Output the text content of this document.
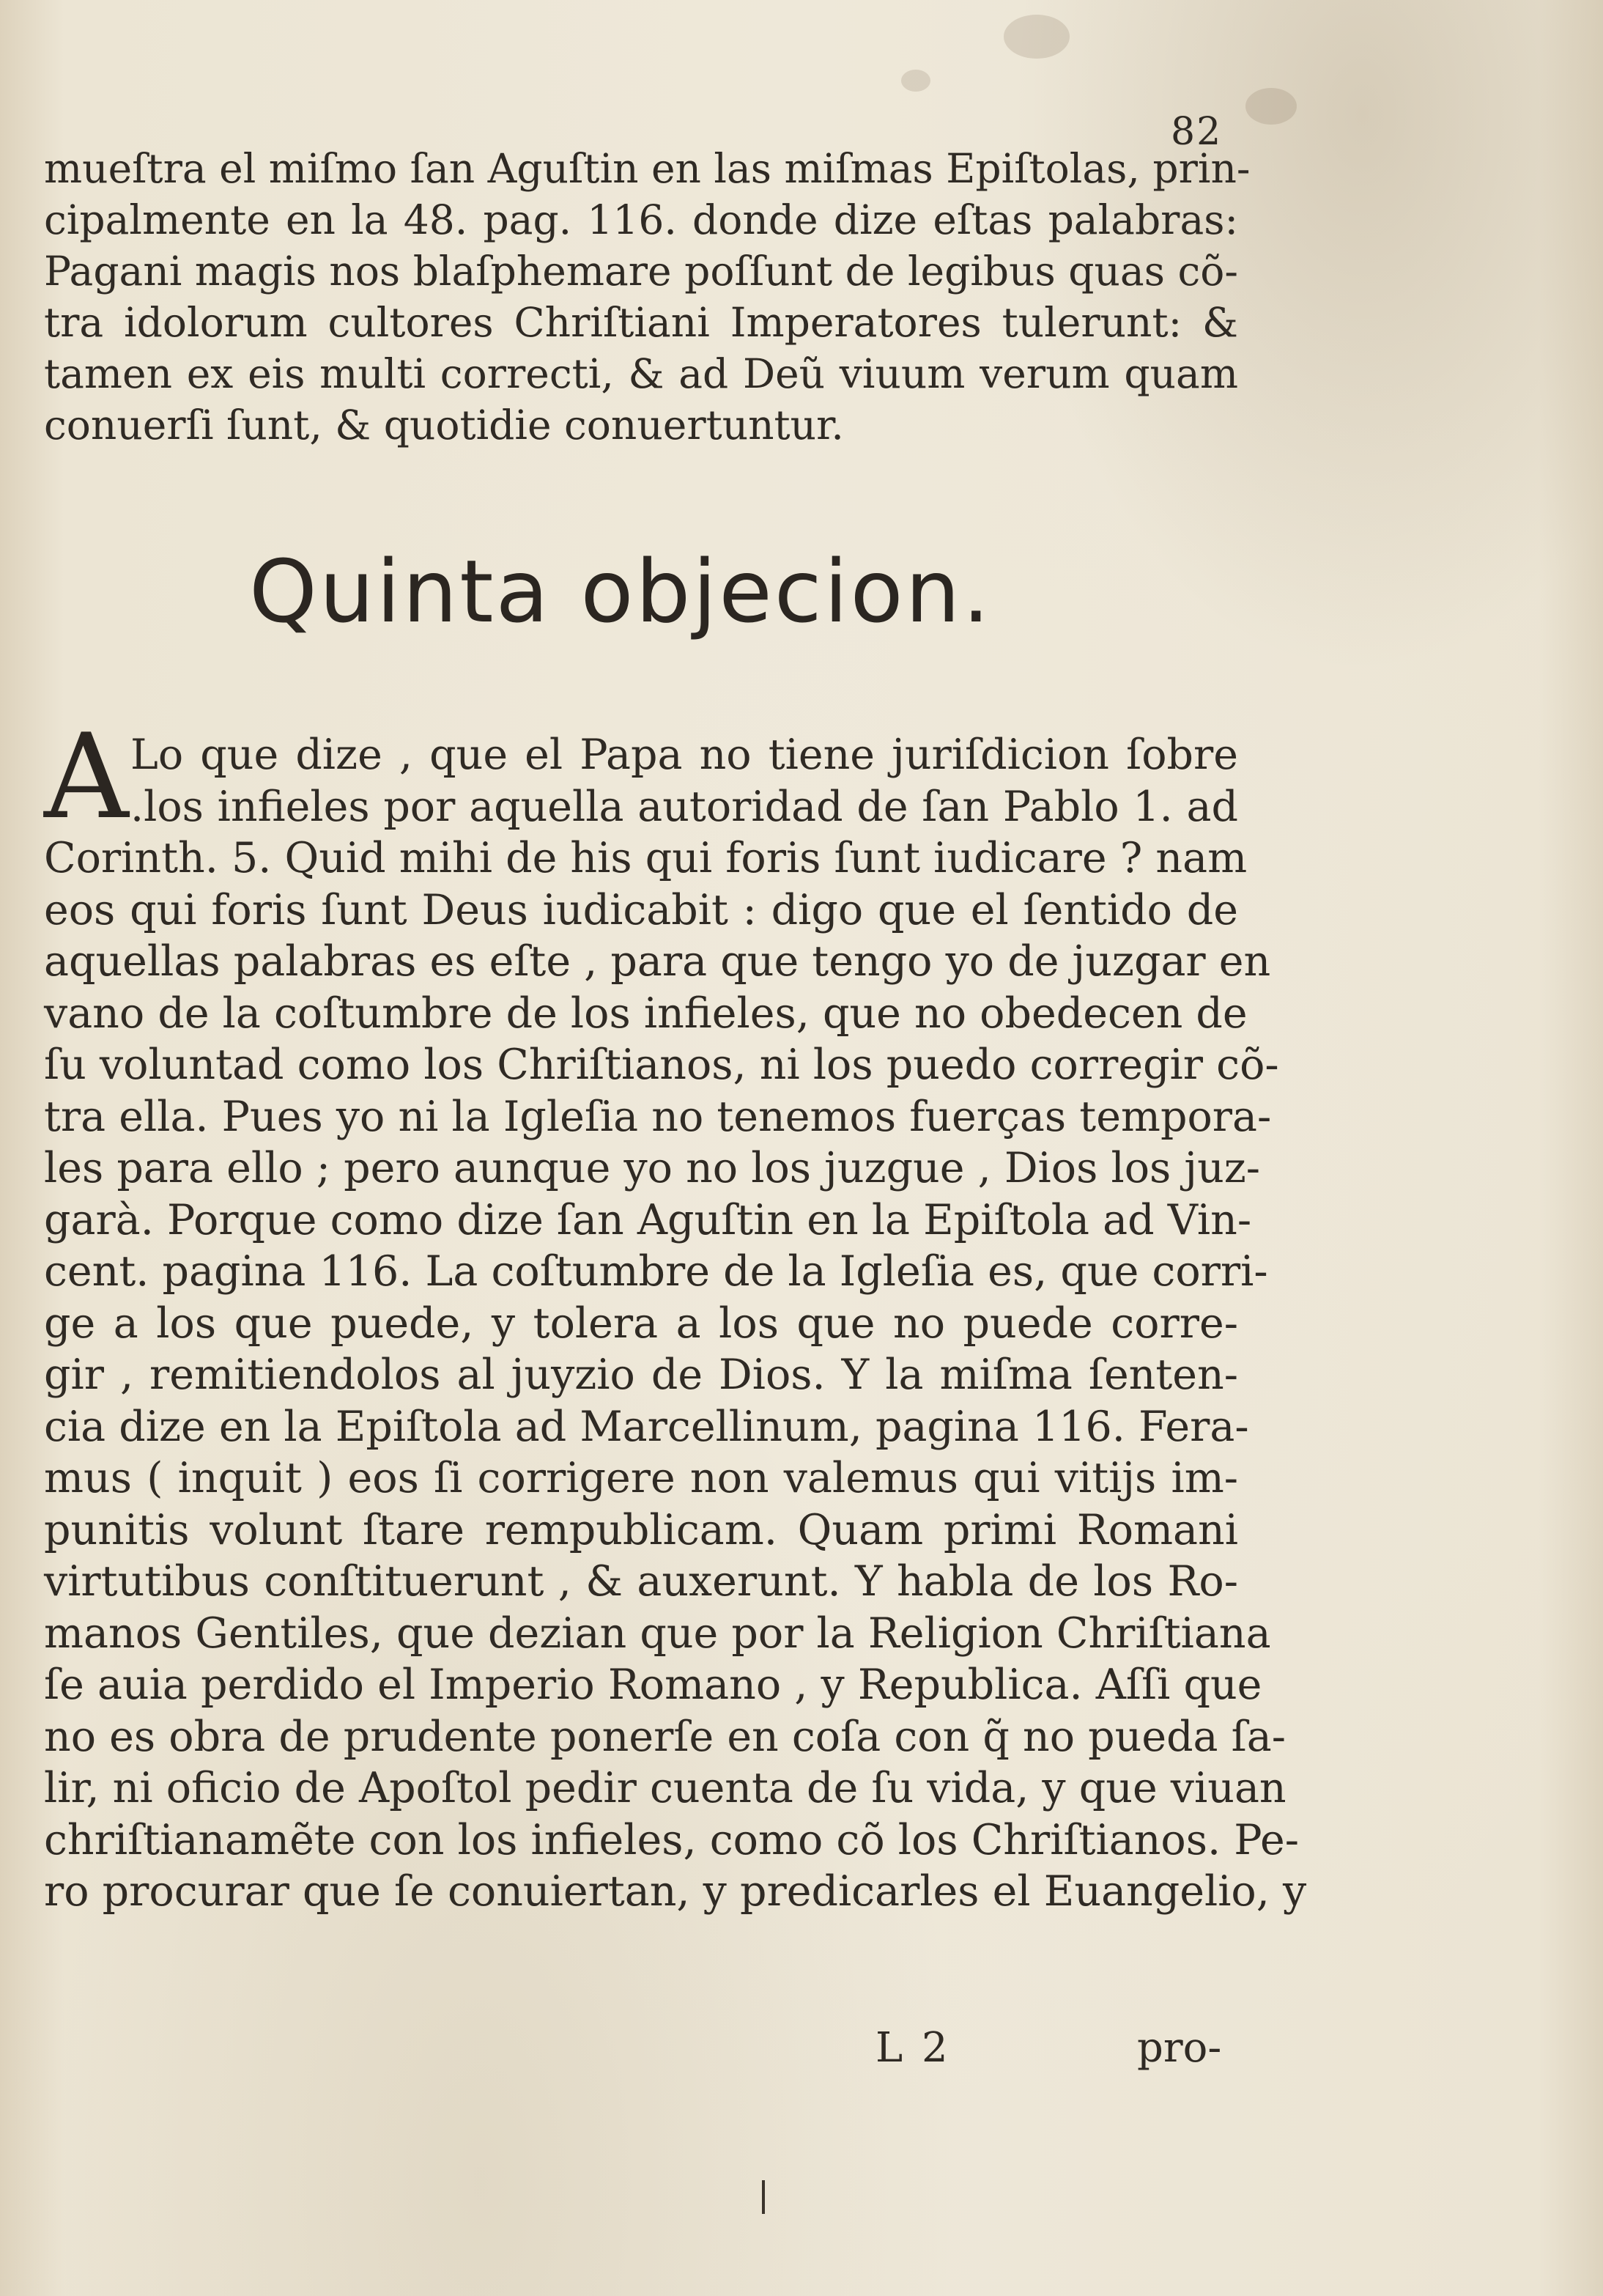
82
mueſtra el miſmo ſan Aguſtin en las miſmas Epiſtolas, prin-
cipalmente en la 48. pag. 116. donde dize eſtas palabras:
Pagani magis nos blaſphemare poſſunt de legibus quas cõ-
tra idolorum cultores Chriſtiani Imperatores tulerunt: &
tamen ex eis multi correcti, & ad Deũ viuum verum quam
conuerſi ſunt, & quotidie conuertuntur.
Quinta objecion.
A Lo que dize , que el Papa no tiene juriſdicion ſobre
.los infieles por aquella autoridad de ſan Pablo 1. ad
Corinth. 5. Quid mihi de his qui foris ſunt iudicare ? nam
eos qui foris ſunt Deus iudicabit : digo que el ſentido de
aquellas palabras es eſte , para que tengo yo de juzgar en
vano de la coſtumbre de los infieles, que no obedecen de
ſu voluntad como los Chriſtianos, ni los puedo corregir cõ-
tra ella. Pues yo ni la Igleſia no tenemos fuerças tempora-
les para ello ; pero aunque yo no los juzgue , Dios los juz-
garà. Porque como dize ſan Aguſtin en la Epiſtola ad Vin-
cent. pagina 116. La coſtumbre de la Igleſia es, que corri-
ge a los que puede, y tolera a los que no puede corre-
gir , remitiendolos al juyzio de Dios. Y la miſma ſenten-
cia dize en la Epiſtola ad Marcellinum, pagina 116. Fera-
mus ( inquit ) eos ſi corrigere non valemus qui vitijs im-
punitis volunt ſtare rempublicam. Quam primi Romani
virtutibus conſtituerunt , & auxerunt. Y habla de los Ro-
manos Gentiles, que dezian que por la Religion Chriſtiana
ſe auia perdido el Imperio Romano , y Republica. Aſſi que
no es obra de prudente ponerſe en coſa con q̃ no pueda ſa-
lir, ni oficio de Apoſtol pedir cuenta de ſu vida, y que viuan
chriſtianamẽte con los infieles, como cõ los Chriſtianos. Pe-
ro procurar que ſe conuiertan, y predicarles el Euangelio, y
L 2	pro-
